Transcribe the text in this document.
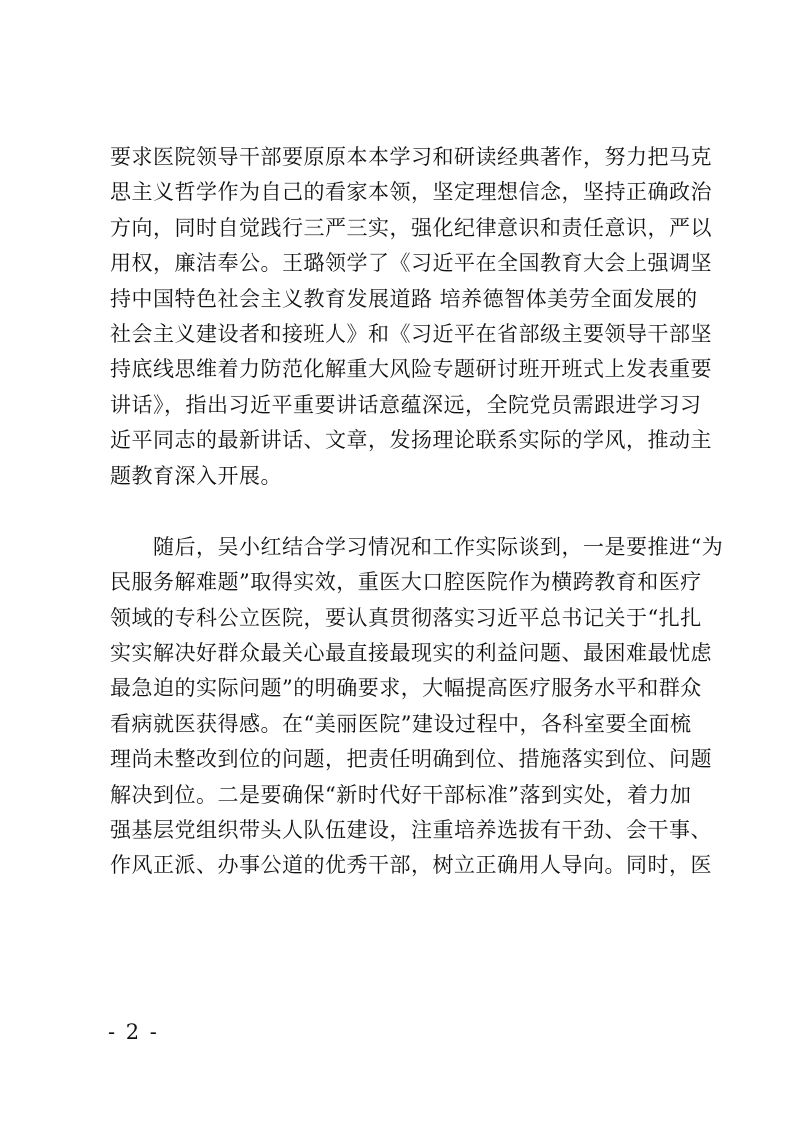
要求医院领导干部要原原本本学习和研读经典著作，努力把马克
思主义哲学作为自己的看家本领，坚定理想信念，坚持正确政治
方向，同时自觉践行三严三实，强化纪律意识和责任意识，严以
用权，廉洁奉公。王璐领学了《习近平在全国教育大会上强调坚
持中国特色社会主义教育发展道路 培养德智体美劳全面发展的
社会主义建设者和接班人》和《习近平在省部级主要领导干部坚
持底线思维着力防范化解重大风险专题研讨班开班式上发表重要
讲话》，指出习近平重要讲话意蕴深远，全院党员需跟进学习习
近平同志的最新讲话、文章，发扬理论联系实际的学风，推动主
题教育深入开展。
　　随后，吴小红结合学习情况和工作实际谈到，一是要推进“为
民服务解难题”取得实效，重医大口腔医院作为横跨教育和医疗
领域的专科公立医院，要认真贯彻落实习近平总书记关于“扎扎
实实解决好群众最关心最直接最现实的利益问题、最困难最忧虑
最急迫的实际问题”的明确要求，大幅提高医疗服务水平和群众
看病就医获得感。在“美丽医院”建设过程中，各科室要全面梳
理尚未整改到位的问题，把责任明确到位、措施落实到位、问题
解决到位。二是要确保“新时代好干部标准”落到实处，着力加
强基层党组织带头人队伍建设，注重培养选拔有干劲、会干事、
作风正派、办事公道的优秀干部，树立正确用人导向。同时，医
- 2 -
